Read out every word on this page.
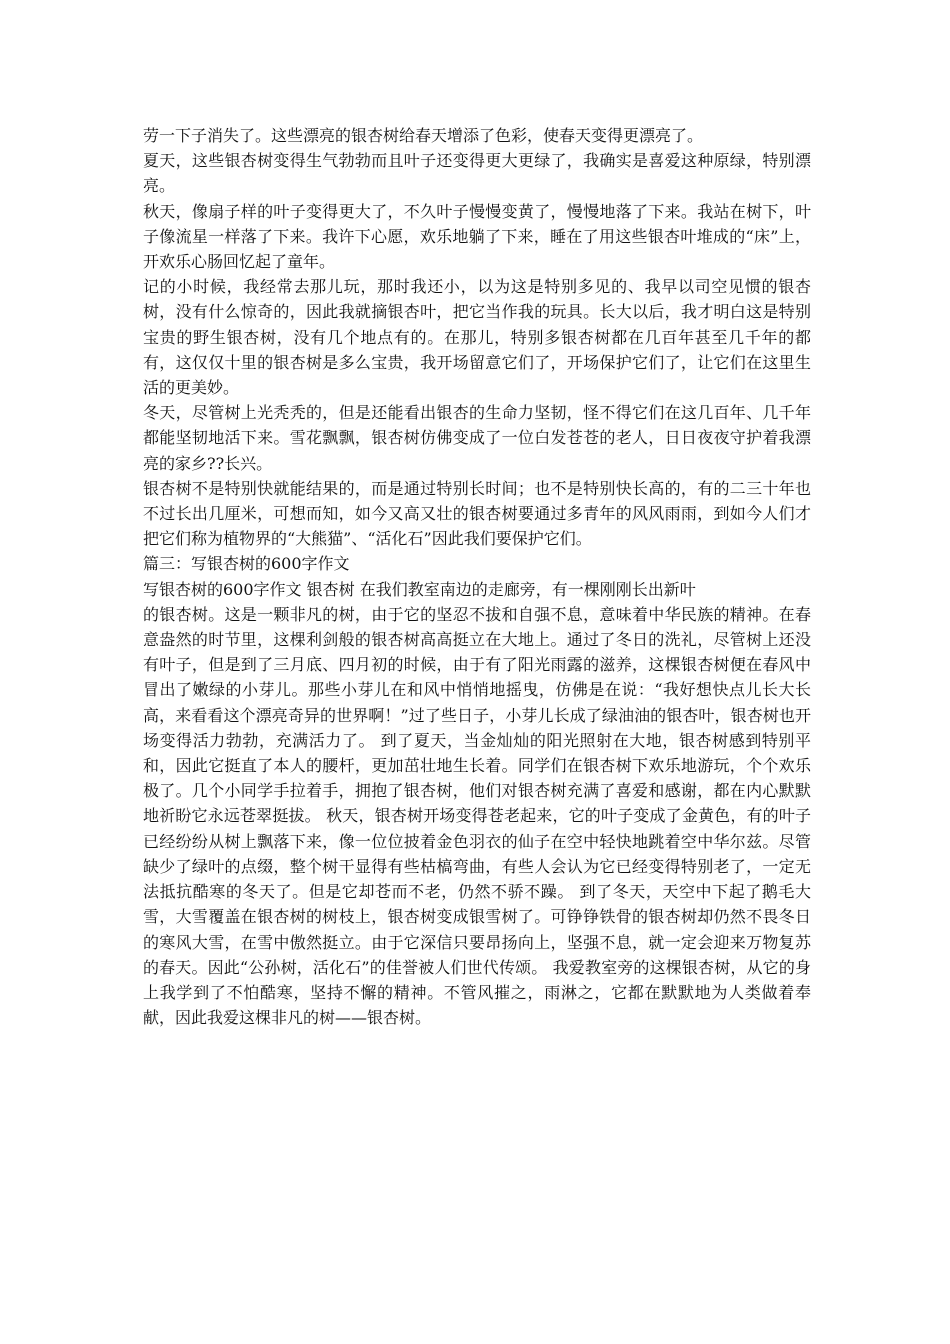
劳一下子消失了。这些漂亮的银杏树给春天增添了色彩，使春天变得更漂亮了。

夏天，这些银杏树变得生气勃勃而且叶子还变得更大更绿了，我确实是喜爱这种原绿，特别漂亮。

秋天，像扇子样的叶子变得更大了，不久叶子慢慢变黄了，慢慢地落了下来。我站在树下，叶子像流星一样落了下来。我许下心愿，欢乐地躺了下来，睡在了用这些银杏叶堆成的“床”上，开欢乐心肠回忆起了童年。

记的小时候，我经常去那儿玩，那时我还小，以为这是特别多见的、我早以司空见惯的银杏树，没有什么惊奇的，因此我就摘银杏叶，把它当作我的玩具。长大以后，我才明白这是特别宝贵的野生银杏树，没有几个地点有的。在那儿，特别多银杏树都在几百年甚至几千年的都有，这仅仅十里的银杏树是多么宝贵，我开场留意它们了，开场保护它们了，让它们在这里生活的更美妙。

冬天，尽管树上光秃秃的，但是还能看出银杏的生命力坚韧，怪不得它们在这几百年、几千年都能坚韧地活下来。雪花飘飘，银杏树仿佛变成了一位白发苍苍的老人，日日夜夜守护着我漂亮的家乡??长兴。

银杏树不是特别快就能结果的，而是通过特别长时间；也不是特别快长高的，有的二三十年也不过长出几厘米，可想而知，如今又高又壮的银杏树要通过多青年的风风雨雨，到如今人们才把它们称为植物界的“大熊猫”、“活化石”因此我们要保护它们。

篇三：写银杏树的600字作文

写银杏树的600字作文 银杏树 在我们教室南边的走廊旁，有一棵刚刚长出新叶

的银杏树。这是一颗非凡的树，由于它的坚忍不拔和自强不息，意味着中华民族的精神。在春意盎然的时节里，这棵利剑般的银杏树高高挺立在大地上。通过了冬日的洗礼，尽管树上还没有叶子，但是到了三月底、四月初的时候，由于有了阳光雨露的滋养，这棵银杏树便在春风中冒出了嫩绿的小芽儿。那些小芽儿在和风中悄悄地摇曳，仿佛是在说：“我好想快点儿长大长高，来看看这个漂亮奇异的世界啊！”过了些日子，小芽儿长成了绿油油的银杏叶，银杏树也开场变得活力勃勃，充满活力了。 到了夏天，当金灿灿的阳光照射在大地，银杏树感到特别平和，因此它挺直了本人的腰杆，更加茁壮地生长着。同学们在银杏树下欢乐地游玩，个个欢乐极了。几个小同学手拉着手，拥抱了银杏树，他们对银杏树充满了喜爱和感谢，都在内心默默地祈盼它永远苍翠挺拔。 秋天，银杏树开场变得苍老起来，它的叶子变成了金黄色，有的叶子已经纷纷从树上飘落下来，像一位位披着金色羽衣的仙子在空中轻快地跳着空中华尔兹。尽管缺少了绿叶的点缀，整个树干显得有些枯槁弯曲，有些人会认为它已经变得特别老了，一定无法抵抗酷寒的冬天了。但是它却苍而不老，仍然不骄不躁。 到了冬天，天空中下起了鹅毛大雪，大雪覆盖在银杏树的树枝上，银杏树变成银雪树了。可铮铮铁骨的银杏树却仍然不畏冬日的寒风大雪，在雪中傲然挺立。由于它深信只要昂扬向上，坚强不息，就一定会迎来万物复苏的春天。因此“公孙树，活化石”的佳誉被人们世代传颂。 我爱教室旁的这棵银杏树，从它的身上我学到了不怕酷寒，坚持不懈的精神。不管风摧之，雨淋之，它都在默默地为人类做着奉献，因此我爱这棵非凡的树——银杏树。
